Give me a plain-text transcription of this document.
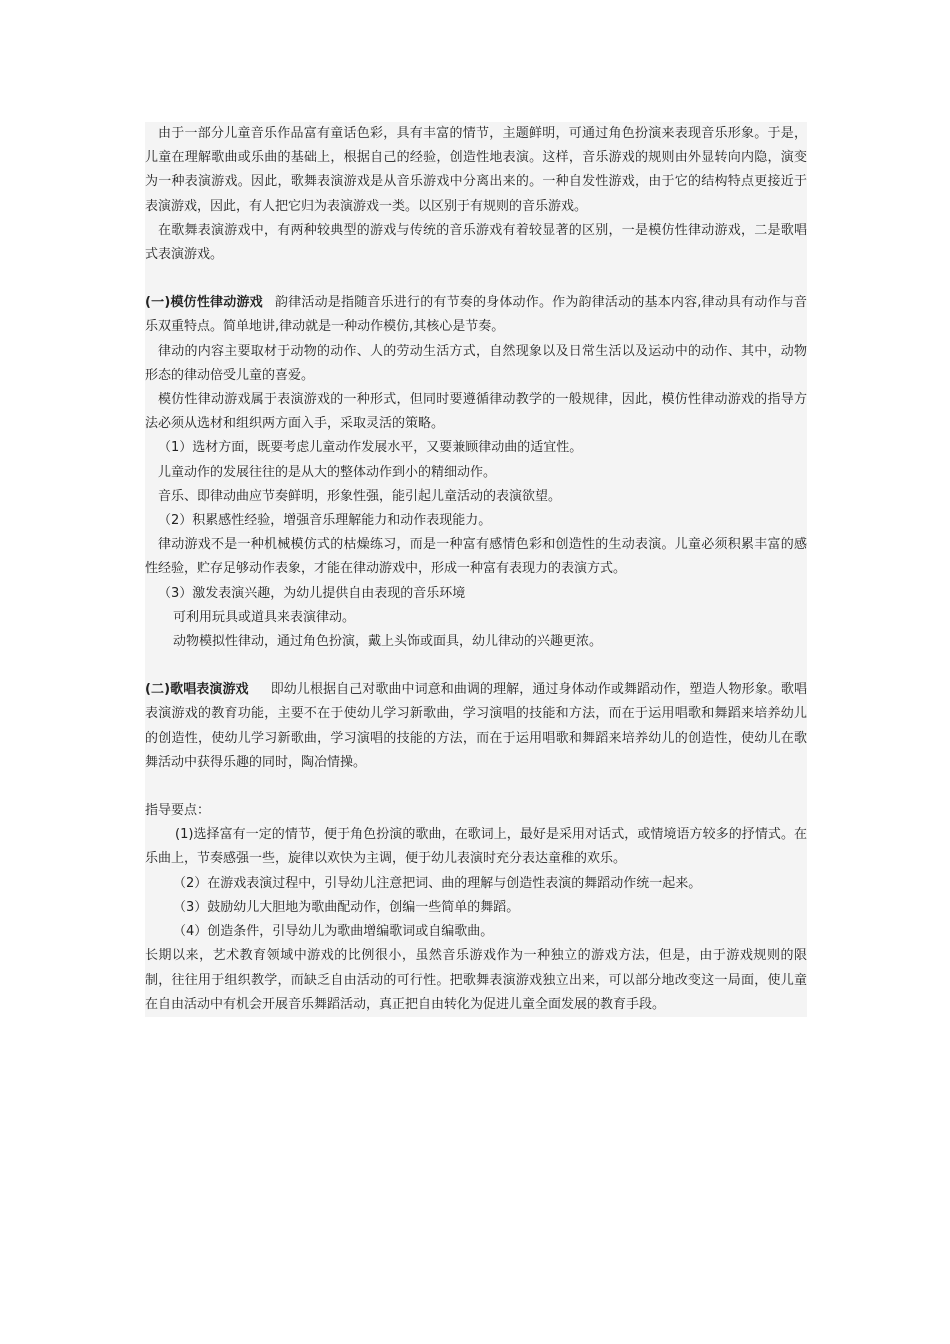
由于一部分儿童音乐作品富有童话色彩，具有丰富的情节，主题鲜明，可通过角色扮演来表现音乐形象。于是，儿童在理解歌曲或乐曲的基础上，根据自己的经验，创造性地表演。这样，音乐游戏的规则由外显转向内隐，演变为一种表演游戏。因此，歌舞表演游戏是从音乐游戏中分离出来的。一种自发性游戏，由于它的结构特点更接近于表演游戏，因此，有人把它归为表演游戏一类。以区别于有规则的音乐游戏。

在歌舞表演游戏中，有两种较典型的游戏与传统的音乐游戏有着较显著的区别，一是模仿性律动游戏，二是歌唱式表演游戏。

(一)模仿性律动游戏 韵律活动是指随音乐进行的有节奏的身体动作。作为韵律活动的基本内容,律动具有动作与音乐双重特点。简单地讲,律动就是一种动作模仿,其核心是节奏。

律动的内容主要取材于动物的动作、人的劳动生活方式，自然现象以及日常生活以及运动中的动作、其中，动物形态的律动倍受儿童的喜爱。

模仿性律动游戏属于表演游戏的一种形式，但同时要遵循律动教学的一般规律，因此，模仿性律动游戏的指导方法必须从选材和组织两方面入手，采取灵活的策略。

（1）选材方面，既要考虑儿童动作发展水平，又要兼顾律动曲的适宜性。

儿童动作的发展往往的是从大的整体动作到小的精细动作。

音乐、即律动曲应节奏鲜明，形象性强，能引起儿童活动的表演欲望。

（2）积累感性经验，增强音乐理解能力和动作表现能力。

律动游戏不是一种机械模仿式的枯燥练习，而是一种富有感情色彩和创造性的生动表演。儿童必须积累丰富的感性经验，贮存足够动作表象，才能在律动游戏中，形成一种富有表现力的表演方式。

（3）激发表演兴趣，为幼儿提供自由表现的音乐环境

可利用玩具或道具来表演律动。

动物模拟性律动，通过角色扮演，戴上头饰或面具，幼儿律动的兴趣更浓。

(二)歌唱表演游戏 即幼儿根据自己对歌曲中词意和曲调的理解，通过身体动作或舞蹈动作，塑造人物形象。歌唱表演游戏的教育功能，主要不在于使幼儿学习新歌曲，学习演唱的技能和方法，而在于运用唱歌和舞蹈来培养幼儿的创造性，使幼儿学习新歌曲，学习演唱的技能的方法，而在于运用唱歌和舞蹈来培养幼儿的创造性，使幼儿在歌舞活动中获得乐趣的同时，陶冶情操。

指导要点：

(1)选择富有一定的情节，便于角色扮演的歌曲，在歌词上，最好是采用对话式，或情境语方较多的抒情式。在乐曲上，节奏感强一些，旋律以欢快为主调，便于幼儿表演时充分表达童稚的欢乐。

（2）在游戏表演过程中，引导幼儿注意把词、曲的理解与创造性表演的舞蹈动作统一起来。

（3）鼓励幼儿大胆地为歌曲配动作，创编一些简单的舞蹈。

（4）创造条件，引导幼儿为歌曲增编歌词或自编歌曲。

长期以来，艺术教育领域中游戏的比例很小，虽然音乐游戏作为一种独立的游戏方法，但是，由于游戏规则的限制，往往用于组织教学，而缺乏自由活动的可行性。把歌舞表演游戏独立出来，可以部分地改变这一局面，使儿童在自由活动中有机会开展音乐舞蹈活动，真正把自由转化为促进儿童全面发展的教育手段。
